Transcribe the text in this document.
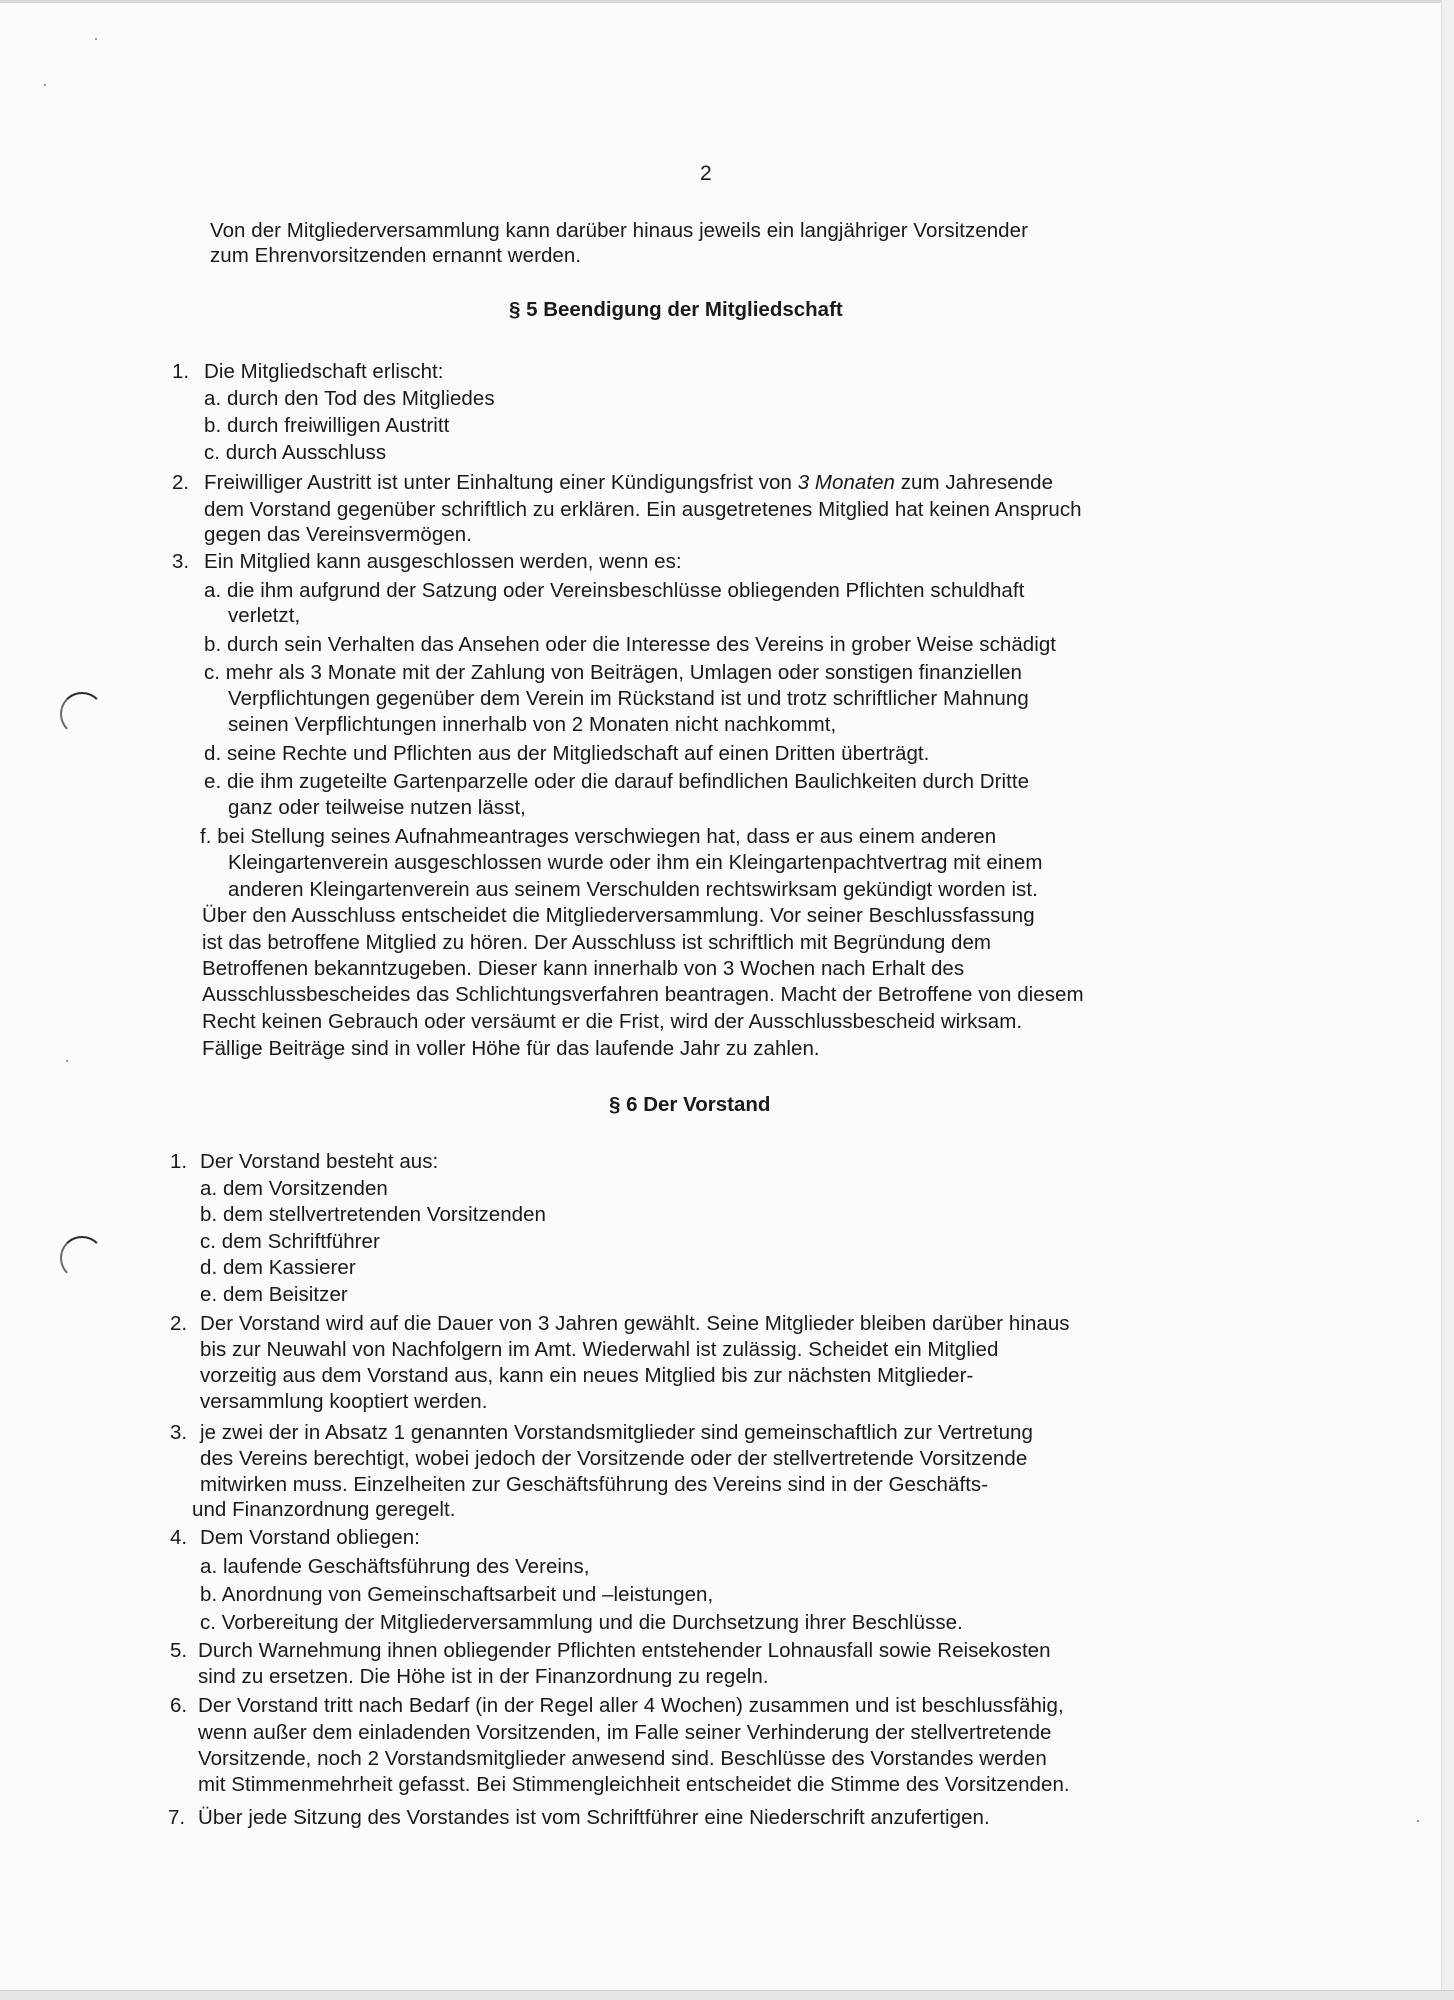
2
Von der Mitgliederversammlung kann darüber hinaus jeweils ein langjähriger Vorsitzender
zum Ehrenvorsitzenden ernannt werden.
§ 5 Beendigung der Mitgliedschaft
1. Die Mitgliedschaft erlischt:
a. durch den Tod des Mitgliedes
b. durch freiwilligen Austritt
c. durch Ausschluss
2. Freiwilliger Austritt ist unter Einhaltung einer Kündigungsfrist von 3 Monaten zum Jahresende
dem Vorstand gegenüber schriftlich zu erklären. Ein ausgetretenes Mitglied hat keinen Anspruch
gegen das Vereinsvermögen.
3. Ein Mitglied kann ausgeschlossen werden, wenn es:
a. die ihm aufgrund der Satzung oder Vereinsbeschlüsse obliegenden Pflichten schuldhaft
verletzt,
b. durch sein Verhalten das Ansehen oder die Interesse des Vereins in grober Weise schädigt
c. mehr als 3 Monate mit der Zahlung von Beiträgen, Umlagen oder sonstigen finanziellen
Verpflichtungen gegenüber dem Verein im Rückstand ist und trotz schriftlicher Mahnung
seinen Verpflichtungen innerhalb von 2 Monaten nicht nachkommt,
d. seine Rechte und Pflichten aus der Mitgliedschaft auf einen Dritten überträgt.
e. die ihm zugeteilte Gartenparzelle oder die darauf befindlichen Baulichkeiten durch Dritte
ganz oder teilweise nutzen lässt,
f. bei Stellung seines Aufnahmeantrages verschwiegen hat, dass er aus einem anderen
Kleingartenverein ausgeschlossen wurde oder ihm ein Kleingartenpachtvertrag mit einem
anderen Kleingartenverein aus seinem Verschulden rechtswirksam gekündigt worden ist.
Über den Ausschluss entscheidet die Mitgliederversammlung. Vor seiner Beschlussfassung
ist das betroffene Mitglied zu hören. Der Ausschluss ist schriftlich mit Begründung dem
Betroffenen bekanntzugeben. Dieser kann innerhalb von 3 Wochen nach Erhalt des
Ausschlussbescheides das Schlichtungsverfahren beantragen. Macht der Betroffene von diesem
Recht keinen Gebrauch oder versäumt er die Frist, wird der Ausschlussbescheid wirksam.
Fällige Beiträge sind in voller Höhe für das laufende Jahr zu zahlen.
§ 6 Der Vorstand
1. Der Vorstand besteht aus:
a. dem Vorsitzenden
b. dem stellvertretenden Vorsitzenden
c. dem Schriftführer
d. dem Kassierer
e. dem Beisitzer
2. Der Vorstand wird auf die Dauer von 3 Jahren gewählt. Seine Mitglieder bleiben darüber hinaus
bis zur Neuwahl von Nachfolgern im Amt. Wiederwahl ist zulässig. Scheidet ein Mitglied
vorzeitig aus dem Vorstand aus, kann ein neues Mitglied bis zur nächsten Mitglieder-
versammlung kooptiert werden.
3. je zwei der in Absatz 1 genannten Vorstandsmitglieder sind gemeinschaftlich zur Vertretung
des Vereins berechtigt, wobei jedoch der Vorsitzende oder der stellvertretende Vorsitzende
mitwirken muss. Einzelheiten zur Geschäftsführung des Vereins sind in der Geschäfts-
und Finanzordnung geregelt.
4. Dem Vorstand obliegen:
a. laufende Geschäftsführung des Vereins,
b. Anordnung von Gemeinschaftsarbeit und –leistungen,
c. Vorbereitung der Mitgliederversammlung und die Durchsetzung ihrer Beschlüsse.
5. Durch Warnehmung ihnen obliegender Pflichten entstehender Lohnausfall sowie Reisekosten
sind zu ersetzen. Die Höhe ist in der Finanzordnung zu regeln.
6. Der Vorstand tritt nach Bedarf (in der Regel aller 4 Wochen) zusammen und ist beschlussfähig,
wenn außer dem einladenden Vorsitzenden, im Falle seiner Verhinderung der stellvertretende
Vorsitzende, noch 2 Vorstandsmitglieder anwesend sind. Beschlüsse des Vorstandes werden
mit Stimmenmehrheit gefasst. Bei Stimmengleichheit entscheidet die Stimme des Vorsitzenden.
7. Über jede Sitzung des Vorstandes ist vom Schriftführer eine Niederschrift anzufertigen.
